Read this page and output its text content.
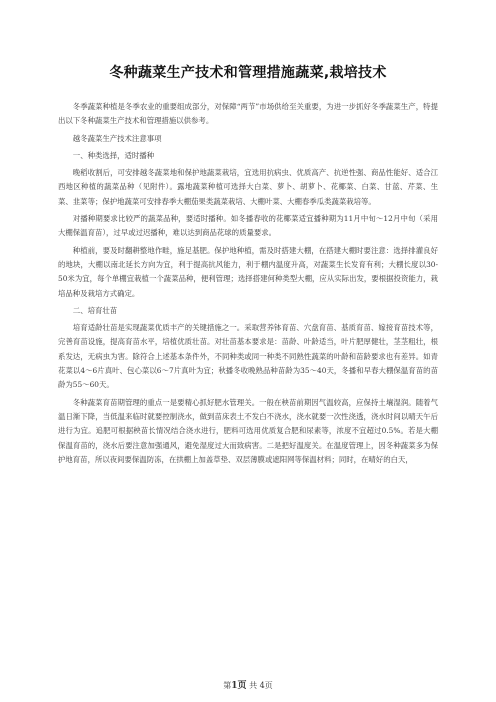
冬种蔬菜生产技术和管理措施蔬菜,栽培技术

冬季蔬菜种植是冬季农业的重要组成部分，对保障“两节”市场供给至关重要，为进一步抓好冬季蔬菜生产，特提出以下冬种蔬菜生产技术和管理措施以供参考。

越冬蔬菜生产技术注意事项

一、种类选择，适时播种

晚稻收割后，可安排越冬蔬菜地和保护地蔬菜栽培，宜选用抗病虫、优质高产、抗逆性强、商品性能好、适合江西地区种植的蔬菜品种（见附件）。露地蔬菜种植可选择大白菜、萝卜、胡萝卜、花椰菜、白菜、甘蓝、芹菜、生菜、韭菜等；保护地蔬菜可安排春季大棚茄果类蔬菜栽培、大棚叶菜、大棚春季瓜类蔬菜栽培等。

对播种期要求比较严的蔬菜品种，要适时播种。如冬播春收的花椰菜适宜播种期为11月中旬～12月中旬（采用大棚保温育苗），过早或过迟播种，难以达到商品花球的质量要求。

种植前，要及时翻耕整地作畦，施足基肥。保护地种植，需及时搭建大棚，在搭建大棚时要注意：选择排灌良好的地块，大棚以南北延长方向为宜，利于提高抗风能力，利于棚内温度升高，对蔬菜生长发育有利；大棚长度以30-50米为宜，每个单棚宜栽植一个蔬菜品种，便利管理；选择搭建何种类型大棚，应从实际出发，要根据投资能力，栽培品种及栽培方式确定。

二、培育壮苗

培育适龄壮苗是实现蔬菜优质丰产的关键措施之一。采取营养钵育苗、穴盘育苗、基质育苗、嫁接育苗技术等，完善育苗设施，提高育苗水平，培植优质壮苗。对壮苗基本要求是：苗龄、叶龄适当，叶片肥厚健壮，茎茎粗壮，根系发达，无病虫为害。除符合上述基本条件外，不同种类或同一种类不同熟性蔬菜的叶龄和苗龄要求也有差异。如青花菜以4～6片真叶、包心菜以6～7片真叶为宜；秋播冬收晚熟品种苗龄为35～40天，冬播和早春大棚保温育苗的苗龄为55～60天。

冬种蔬菜育苗期管理的重点一是要精心抓好肥水管理关。一般在秧苗前期因气温较高，应保持土壤湿润。随着气温日渐下降，当低温来临时就要控制浇水，做到苗床表土不发白不浇水，浇水就要一次性浇透，浇水时间以晴天午后进行为宜。追肥可根据秧苗长情况结合浇水进行，肥料可选用优质复合肥和尿素等，浓度不宜超过0.5%。若是大棚保温育苗的，浇水后要注意加强通风，避免湿度过大而致病害。二是把好温度关。在温度管理上，因冬种蔬菜多为保护地育苗，所以夜间要保温防冻，在拱棚上加盖草垫、双层薄膜或遮阳网等保温材料；同时，在晴好的白天，

第1页 共 4页
